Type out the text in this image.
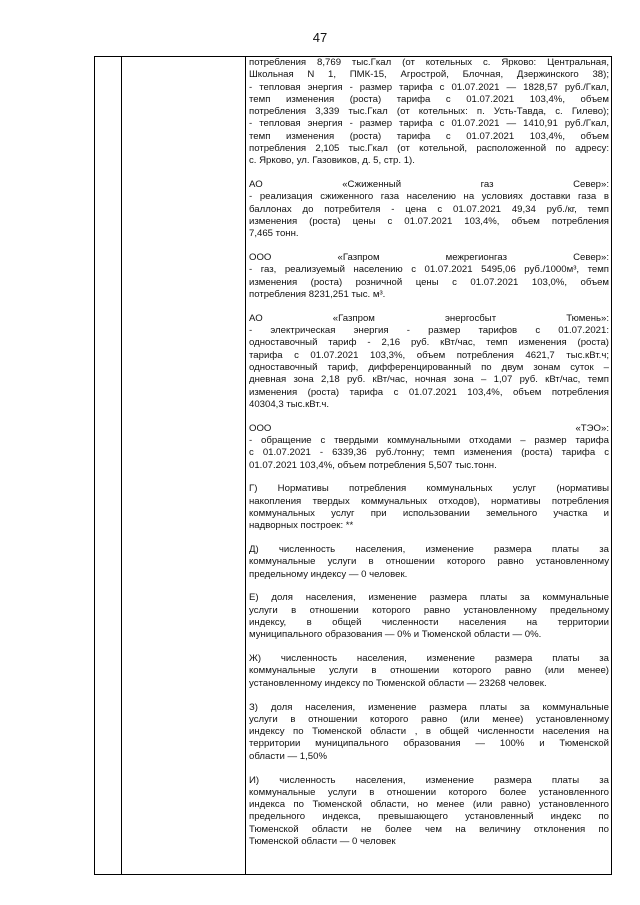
47
потребления 8,769 тыс.Гкал (от котельных с. Ярково: Центральная,
Школьная N 1, ПМК-15, Агрострой, Блочная, Дзержинского 38);
- тепловая энергия - размер тарифа с 01.07.2021 — 1828,57 руб./Гкал,
темп изменения (роста) тарифа с 01.07.2021 103,4%, объем
потребления 3,339 тыс.Гкал (от котельных: п. Усть-Тавда, с. Гилево);
- тепловая энергия - размер тарифа с 01.07.2021 — 1410,91 руб./Гкал,
темп изменения (роста) тарифа с 01.07.2021 103,4%, объем
потребления 2,105 тыс.Гкал (от котельной, расположенной по адресу:
с. Ярково, ул. Газовиков, д. 5, стр. 1).
АО «Сжиженный газ Север»:
- реализация сжиженного газа населению на условиях доставки газа в
баллонах до потребителя - цена с 01.07.2021 49,34 руб./кг, темп
изменения (роста) цены с 01.07.2021 103,4%, объем потребления
7,465 тонн.
ООО «Газпром межрегионгаз Север»:
- газ, реализуемый населению с 01.07.2021 5495,06 руб./1000м³, темп
изменения (роста) розничной цены с 01.07.2021 103,0%, объем
потребления 8231,251 тыс. м³.
АО «Газпром энергосбыт Тюмень»:
- электрическая энергия - размер тарифов с 01.07.2021:
одноставочный тариф - 2,16 руб. кВт/час, темп изменения (роста)
тарифа с 01.07.2021 103,3%, объем потребления 4621,7 тыс.кВт.ч;
одноставочный тариф, дифференцированный по двум зонам суток –
дневная зона 2,18 руб. кВт/час, ночная зона – 1,07 руб. кВт/час, темп
изменения (роста) тарифа с 01.07.2021 103,4%, объем потребления
40304,3 тыс.кВт.ч.
ООО «ТЭО»:
- обращение с твердыми коммунальными отходами – размер тарифа
с 01.07.2021 - 6339,36 руб./тонну; темп изменения (роста) тарифа с
01.07.2021 103,4%, объем потребления 5,507 тыс.тонн.
Г) Нормативы потребления коммунальных услуг (нормативы
накопления твердых коммунальных отходов), нормативы потребления
коммунальных услуг при использовании земельного участка и
надворных построек: **
Д) численность населения, изменение размера платы за
коммунальные услуги в отношении которого равно установленному
предельному индексу — 0 человек.
Е) доля населения, изменение размера платы за коммунальные
услуги в отношении которого равно установленному предельному
индексу, в общей численности населения на территории
муниципального образования — 0% и Тюменской области — 0%.
Ж) численность населения, изменение размера платы за
коммунальные услуги в отношении которого равно (или менее)
установленному индексу по Тюменской области — 23268 человек.
З) доля населения, изменение размера платы за коммунальные
услуги в отношении которого равно (или менее) установленному
индексу по Тюменской области , в общей численности населения на
территории муниципального образования — 100% и Тюменской
области — 1,50%
И) численность населения, изменение размера платы за
коммунальные услуги в отношении которого более установленного
индекса по Тюменской области, но менее (или равно) установленного
предельного индекса, превышающего установленный индекс по
Тюменской области не более чем на величину отклонения по
Тюменской области — 0 человек
